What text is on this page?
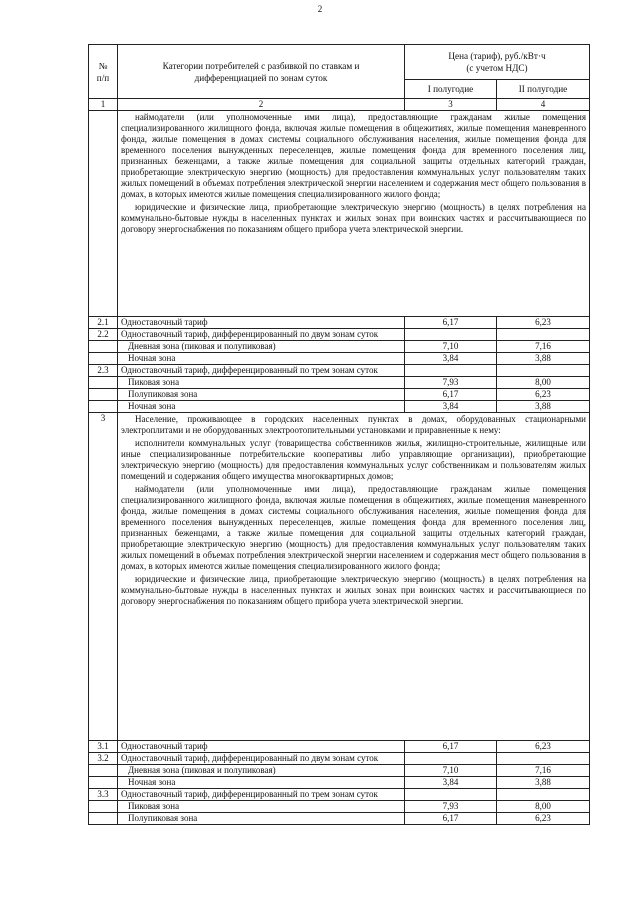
2
№
п/п	Категории потребителей с разбивкой по ставкам и дифференциацией по зонам суток	Цена (тариф), руб./кВт·ч
(с учетом НДС)	
		I полугодие	II полугодие
1	2	3	4

	наймодатели (или уполномоченные ими лица), предоставляющие гражданам жилые помещения специализированного жилищного фонда, включая жилые помещения в общежитиях, жилые помещения маневренного фонда, жилые помещения в домах системы социального обслуживания населения, жилые помещения фонда для временного поселения вынужденных переселенцев, жилые помещения фонда для временного поселения лиц, признанных беженцами, а также жилые помещения для социальной защиты отдельных категорий граждан, приобретающие электрическую энергию (мощность) для предоставления коммунальных услуг пользователям таких жилых помещений в объемах потребления электрической энергии населением и содержания мест общего пользования в домах, в которых имеются жилые помещения специализированного жилого фонда;

юридические и физические лица, приобретающие электрическую энергию (мощность) в целях потребления на коммунально-бытовые нужды в населенных пунктах и жилых зонах при воинских частях и рассчитывающиеся по договору энергоснабжения по показаниям общего прибора учета электрической энергии.		

2.1	Одноставочный тариф	6,17	6,23
2.2	Одноставочный тариф, дифференцированный по двум зонам суток		
	Дневная зона (пиковая и полупиковая)	7,10	7,16
	Ночная зона	3,84	3,88
2.3	Одноставочный тариф, дифференцированный по трем зонам суток		
	Пиковая зона	7,93	8,00
	Полупиковая зона	6,17	6,23
	Ночная зона	3,84	3,88
3	Население, проживающее в городских населенных пунктах в домах, оборудованных стационарными электроплитами и не оборудованных электроотопительными установками и приравненные к нему:

исполнители коммунальных услуг (товарищества собственников жилья, жилищно-строительные, жилищные или иные специализированные потребительские кооперативы либо управляющие организации), приобретающие электрическую энергию (мощность) для предоставления коммунальных услуг собственникам и пользователям жилых помещений и содержания общего имущества многоквартирных домов;

наймодатели (или уполномоченные ими лица), предоставляющие гражданам жилые помещения специализированного жилищного фонда, включая жилые помещения в общежитиях, жилые помещения маневренного фонда, жилые помещения в домах системы социального обслуживания населения, жилые помещения фонда для временного поселения вынужденных переселенцев, жилые помещения фонда для временного поселения лиц, признанных беженцами, а также жилые помещения для социальной защиты отдельных категорий граждан, приобретающие электрическую энергию (мощность) для предоставления коммунальных услуг пользователям таких жилых помещений в объемах потребления электрической энергии населением и содержания мест общего пользования в домах, в которых имеются жилые помещения специализированного жилого фонда;

юридические и физические лица, приобретающие электрическую энергию (мощность) в целях потребления на коммунально-бытовые нужды в населенных пунктах и жилых зонах при воинских частях и рассчитывающиеся по договору энергоснабжения по показаниям общего прибора учета электрической энергии.		

3.1	Одноставочный тариф	6,17	6,23
3.2	Одноставочный тариф, дифференцированный по двум зонам суток		
	Дневная зона (пиковая и полупиковая)	7,10	7,16
	Ночная зона	3,84	3,88
3.3	Одноставочный тариф, дифференцированный по трем зонам суток		
	Пиковая зона	7,93	8,00
	Полупиковая зона	6,17	6,23
